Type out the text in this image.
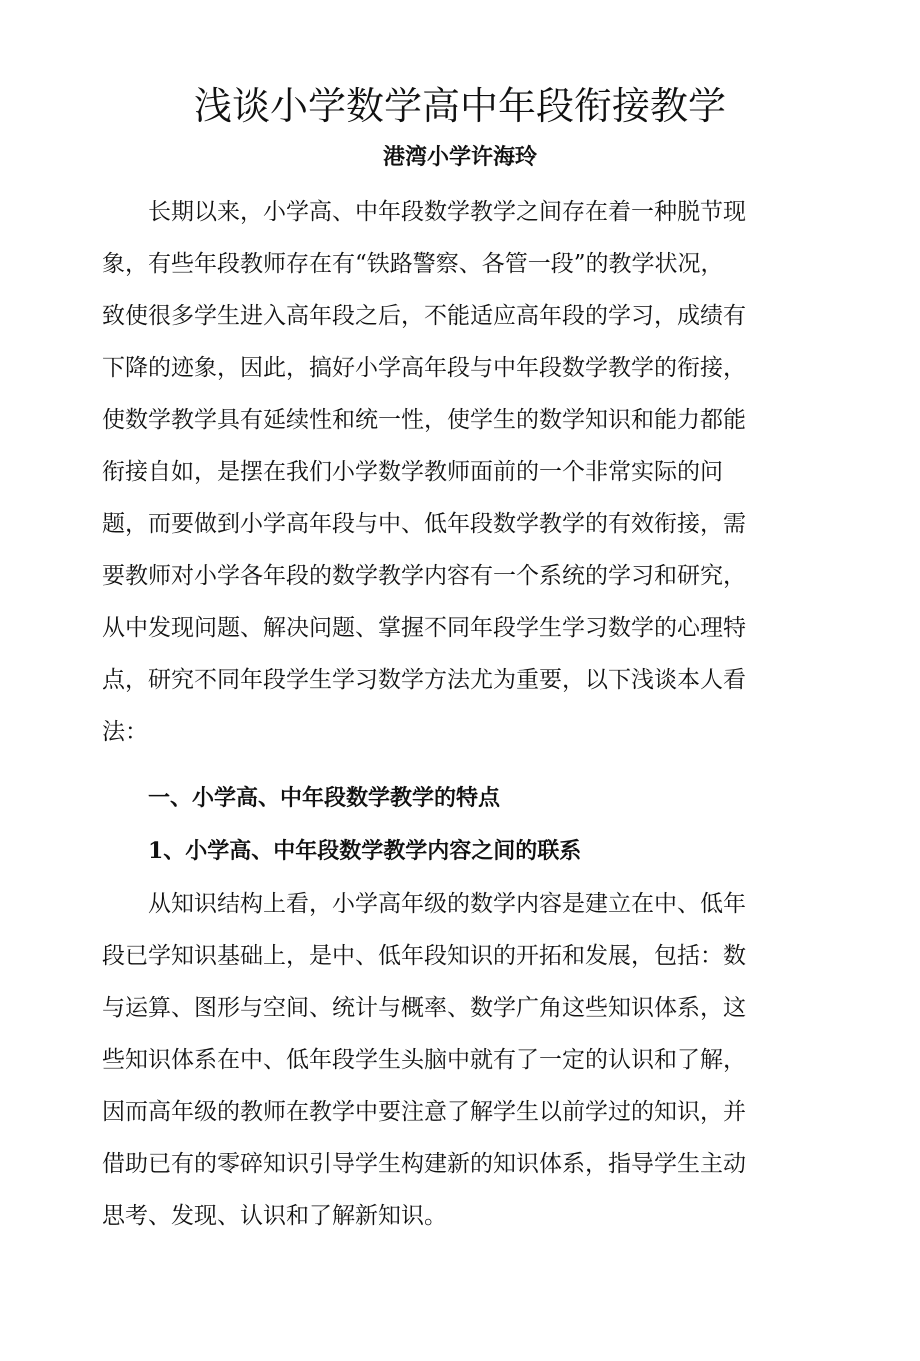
浅谈小学数学高中年段衔接教学
港湾小学许海玲
长期以来，小学高、中年段数学教学之间存在着一种脱节现
象，有些年段教师存在有“铁路警察、各管一段”的教学状况，
致使很多学生进入高年段之后，不能适应高年段的学习，成绩有
下降的迹象，因此，搞好小学高年段与中年段数学教学的衔接，
使数学教学具有延续性和统一性，使学生的数学知识和能力都能
衔接自如，是摆在我们小学数学教师面前的一个非常实际的问
题，而要做到小学高年段与中、低年段数学教学的有效衔接，需
要教师对小学各年段的数学教学内容有一个系统的学习和研究，
从中发现问题、解决问题、掌握不同年段学生学习数学的心理特
点，研究不同年段学生学习数学方法尤为重要，以下浅谈本人看
法：
一、小学高、中年段数学教学的特点
1、小学高、中年段数学教学内容之间的联系
从知识结构上看，小学高年级的数学内容是建立在中、低年
段已学知识基础上，是中、低年段知识的开拓和发展，包括：数
与运算、图形与空间、统计与概率、数学广角这些知识体系，这
些知识体系在中、低年段学生头脑中就有了一定的认识和了解，
因而高年级的教师在教学中要注意了解学生以前学过的知识，并
借助已有的零碎知识引导学生构建新的知识体系，指导学生主动
思考、发现、认识和了解新知识。
